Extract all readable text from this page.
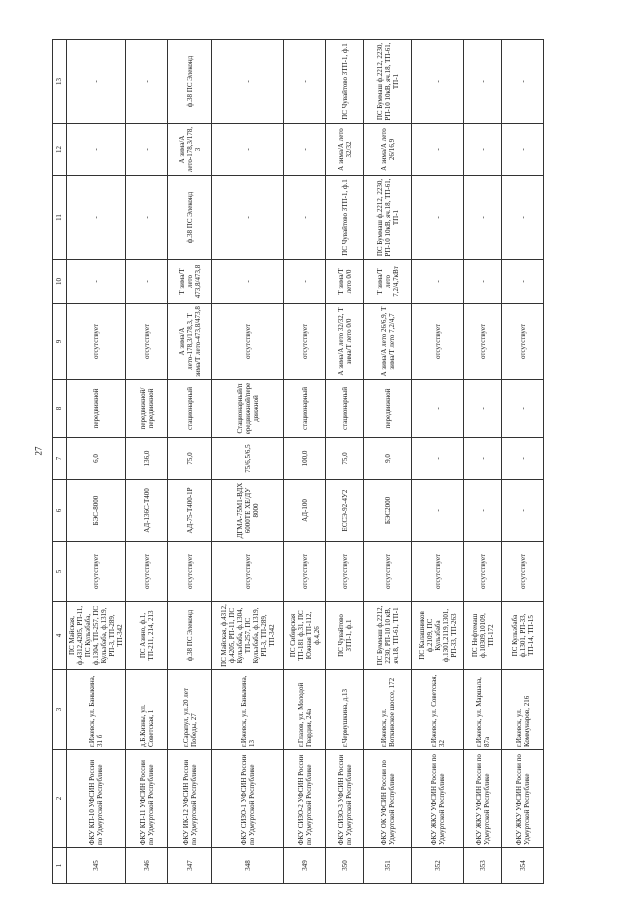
27
1	2	3	4	5	6	7	8	9	10	11	12	13
345	ФКУ КП-10 УФСИН России по Удмуртской Республике	г.Ижевск, ул. Баныкина, 31 б	ПС Майская, ф.4312,4205, РП-11, ПС Кульзбаба, ф.1304, ТП-257, ПС Кульзбаба, ф.1319, РП-3, ТП-289, ТП-342	отсутствует	БЭС-8000	6,0	передвижной	отсутствует	-	-	-	-
346	ФКУ КП-11 УФСИН России по Удмуртской Республике	д.Б.Кизны, ул. Советская, 1	ПС Азино, ф.1, ТП-211, 214, 213	отсутствует	АД-136С-Т400	136,0	передвижной/ передвижной	отсутствует	-	-	-	-
347	ФКУ ИК-12 УФСИН России по Удмуртской Республике	г.Сарапул, ул.20 лет Победы, 27	ф.38 ПС Элеконд	отсутствует	АД-75-Т400-1Р	75,0	стационарный	А зима/А лето-178,3/178,3, Т зима/Т лето-473,8/473,8	Т зима/Т лето 473,8/473,8	ф.38 ПС Элеконд	А зима/А лето-178,3/178,3	ф.38 ПС Элеконд
348	ФКУ СИЗО-1 УФСИН России по Удмуртской Республике	г.Ижевск, ул. Баныкина, 13	ПС Майская, ф.4312, ф.4205, РП-11, ПС Кульзбаба, ф.1304, ТП-257, ПС Кульзбаба, ф.1319, РП-3, ТП-289, ТП-342	отсутствует	ДГМА-75М1-ВДХ 6000ТЕ ХЕ/ДУ 8000	75/6,5/6,5	Стационарный/п ередвижной/пере движной	отсутствует	-	-	-	-
349	ФКУ СИЗО-2 УФСИН России по Удмуртской Республике	г.Глазов, ул. Молодой Гвардии, 24а	ПС Сибирская ТП-181 ф.31, ПС Южная ТП-112, ф.4,26	отсутствует	АД-100	100,0	стационарный	отсутствует	-	-	-	-
350	ФКУ СИЗО-3 УФСИН России по Удмуртской Республике	г.Чермушкина, д.13	ПС Чувайтово ЗТП-1, ф.1	отсутствует	ЕССЭ-92-4У2	75,0	стационарный	А зима/А лето 32/32, Т зима/Т лето 0/0	Т зима/Т лето 0/0	ПС Чувайтово ЗТП-1, ф.1	А зима/А лето 32/32	ПС Чувайтово ЗТП-1, ф.1
351	ФКУ ОК УФСИН России по Удмуртской Республике	г.Ижевск, ул. Воткинское шоссе, 172	ПС Буммаш ф.2212, 2230, РП-10 10 кВ, яч.18, ТП-61, ТП-1	отсутствует	БЭС2000	9,0	передвижной	А зима/А лето 26/6,9, Т зима/Т лето 7,2/4,7	Т зима/Т лето 7,2/4,7кВт	ПС Буммаш ф.2212, 2230, РП-10 10кВ, яч.18, ТП-61, ТП-1	А зима/А лето 26/16,9	ПС Буммаш ф.2212, 2230, РП-10 10кВ, яч.18, ТП-61, ТП-1
352	ФКУ ЖКУ УФСИН России по Удмуртской Республике	г.Ижевск, ул. Советская, 32	ПС Калашников ф.2109, ПС Кульзбаба ф.1301,2119,1301, РП-33, ТП-263	отсутствует	-	-	-	отсутствует	-	-	-	-
353	ФКУ ЖКУ УФСИН России по Удмуртской Республике	г.Ижевск, ул. Маршала, 87а	ПС Нефтемаш ф.10309,10109, ТП-172	отсутствует	-	-	-	отсутствует	-	-	-	-
354	ФКУ ЖКУ УФСИН России по Удмуртской Республике	г.Ижевск, ул. Коммунаров, 216	ПС Кульзбаба ф.1301, РП-33, ТП-14, ТП-15	отсутствует	-	-	-	отсутствует	-	-	-	-
